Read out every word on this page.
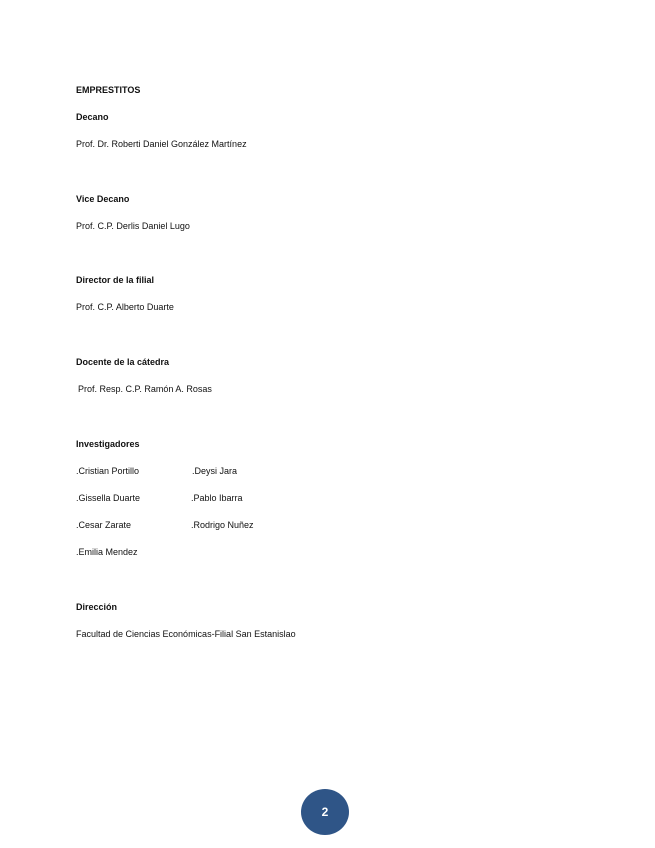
EMPRESTITOS
Decano
Prof. Dr. Roberti Daniel González Martínez
Vice Decano
Prof. C.P. Derlis Daniel Lugo
Director de la filial
Prof. C.P. Alberto Duarte
Docente de la cátedra
Prof. Resp. C.P. Ramón A. Rosas
Investigadores
.Cristian Portillo	.Deysi Jara
.Gissella Duarte	.Pablo Ibarra
.Cesar Zarate	.Rodrigo Nuñez
.Emilia Mendez
Dirección
Facultad de Ciencias Económicas-Filial San Estanislao
2
